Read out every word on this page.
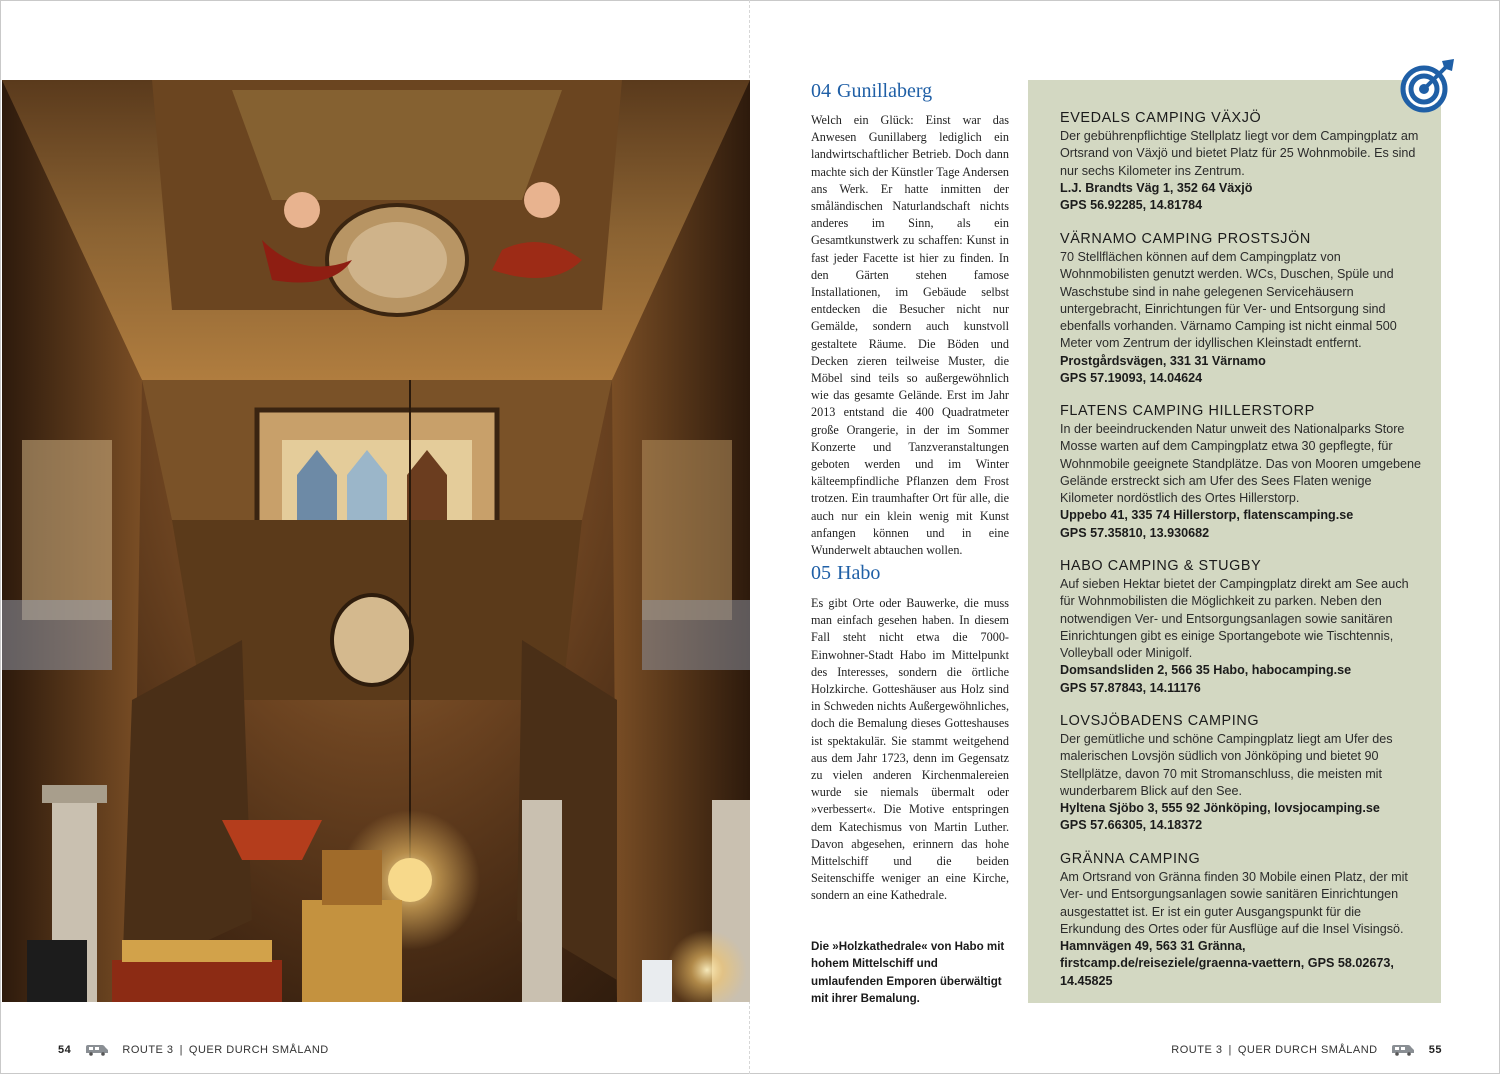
04 Gunillaberg

Welch ein Glück: Einst war das Anwesen Gunillaberg lediglich ein landwirtschaftlicher Betrieb. Doch dann machte sich der Künstler Tage Andersen ans Werk. Er hatte inmitten der småländischen Naturlandschaft nichts anderes im Sinn, als ein Gesamtkunstwerk zu schaffen: Kunst in fast jeder Facette ist hier zu finden. In den Gärten stehen famose Installationen, im Gebäude selbst entdecken die Besucher nicht nur Gemälde, sondern auch kunstvoll gestaltete Räume. Die Böden und Decken zieren teilweise Muster, die Möbel sind teils so außergewöhnlich wie das gesamte Gelände. Erst im Jahr 2013 entstand die 400 Quadratmeter große Orangerie, in der im Sommer Konzerte und Tanzveranstaltungen geboten werden und im Winter kälteempfindliche Pflanzen dem Frost trotzen. Ein traumhafter Ort für alle, die auch nur ein klein wenig mit Kunst anfangen können und in eine Wunderwelt abtauchen wollen.

05 Habo

Es gibt Orte oder Bauwerke, die muss man einfach gesehen haben. In diesem Fall steht nicht etwa die 7000-Einwohner-Stadt Habo im Mittelpunkt des Interesses, sondern die örtliche Holzkirche. Gotteshäuser aus Holz sind in Schweden nichts Außergewöhnliches, doch die Bemalung dieses Gotteshauses ist spektakulär. Sie stammt weitgehend aus dem Jahr 1723, denn im Gegensatz zu vielen anderen Kirchenmalereien wurde sie niemals übermalt oder »verbessert«. Die Motive entspringen dem Katechismus von Martin Luther. Davon abgesehen, erinnern das hohe Mittelschiff und die beiden Seitenschiffe weniger an eine Kirche, sondern an eine Kathedrale.

Die »Holzkathedrale« von Habo mit hohem Mittelschiff und umlaufenden Emporen überwältigt mit ihrer Bemalung.

EVEDALS CAMPING VÄXJÖ
Der gebührenpflichtige Stellplatz liegt vor dem Campingplatz am Ortsrand von Växjö und bietet Platz für 25 Wohnmobile. Es sind nur sechs Kilometer ins Zentrum.
L.J. Brandts Väg 1, 352 64 Växjö
GPS 56.92285, 14.81784
VÄRNAMO CAMPING PROSTSJÖN
70 Stellflächen können auf dem Campingplatz von Wohnmobilisten genutzt werden. WCs, Duschen, Spüle und Waschstube sind in nahe gelegenen Servicehäusern untergebracht, Einrichtungen für Ver- und Entsorgung sind ebenfalls vorhanden. Värnamo Camping ist nicht einmal 500 Meter vom Zentrum der idyllischen Kleinstadt entfernt.
Prostgårdsvägen, 331 31 Värnamo
GPS 57.19093, 14.04624
FLATENS CAMPING HILLERSTORP
In der beeindruckenden Natur unweit des Nationalparks Store Mosse warten auf dem Campingplatz etwa 30 gepflegte, für Wohnmobile geeignete Standplätze. Das von Mooren umgebene Gelände erstreckt sich am Ufer des Sees Flaten wenige Kilometer nordöstlich des Ortes Hillerstorp.
Uppebo 41, 335 74 Hillerstorp, flatenscamping.se
GPS 57.35810, 13.930682
HABO CAMPING & STUGBY
Auf sieben Hektar bietet der Campingplatz direkt am See auch für Wohnmobilisten die Möglichkeit zu parken. Neben den notwendigen Ver- und Entsorgungsanlagen sowie sanitären Einrichtungen gibt es einige Sportangebote wie Tischtennis, Volleyball oder Minigolf.
Domsandsliden 2, 566 35 Habo, habocamping.se
GPS 57.87843, 14.11176
LOVSJÖBADENS CAMPING
Der gemütliche und schöne Campingplatz liegt am Ufer des malerischen Lovsjön südlich von Jönköping und bietet 90 Stellplätze, davon 70 mit Stromanschluss, die meisten mit wunderbarem Blick auf den See.
Hyltena Sjöbo 3, 555 92 Jönköping, lovsjocamping.se
GPS 57.66305, 14.18372
GRÄNNA CAMPING
Am Ortsrand von Gränna finden 30 Mobile einen Platz, der mit Ver- und Entsorgungsanlagen sowie sanitären Einrichtungen ausgestattet ist. Er ist ein guter Ausgangspunkt für die Erkundung des Ortes oder für Ausflüge auf die Insel Visingsö.
Hamnvägen 49, 563 31 Gränna, firstcamp.de/reiseziele/graenna-vaettern, GPS 58.02673, 14.45825
54	ROUTE 3 | QUER DURCH SMÅLAND	ROUTE 3 | QUER DURCH SMÅLAND	55
